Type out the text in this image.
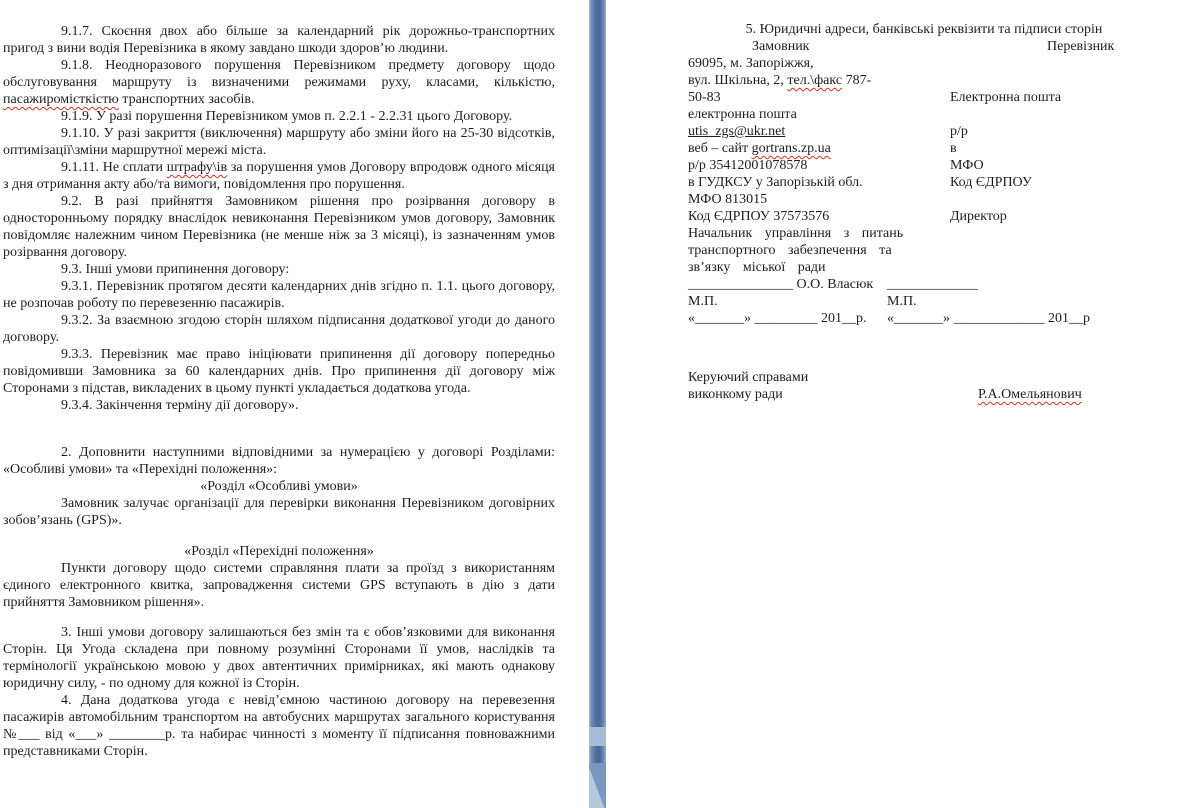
9.1.7. Скоєння двох або більше за календарний рік дорожньо-транспортних пригод з вини водія Перевізника в якому завдано шкоди здоров’ю людини.

9.1.8. Неодноразового порушення Перевізником предмету договору щодо обслуговування маршруту із визначеними режимами руху, класами, кількістю, пасажиромісткістю транспортних засобів.

9.1.9. У разі порушення Перевізником умов п. 2.2.1 - 2.2.31 цього Договору.

9.1.10. У разі закриття (виключення) маршруту або зміни його на 25-30 відсотків, оптимізації\зміни маршрутної мережі міста.

9.1.11. Не сплати штрафу\ів за порушення умов Договору впродовж одного місяця з дня отримання акту або/та вимоги, повідомлення про порушення.

9.2. В разі прийняття Замовником рішення про розірвання договору в односторонньому порядку внаслідок невиконання Перевізником умов договору, Замовник повідомляє належним чином Перевізника (не менше ніж за 3 місяці), із зазначенням умов розірвання договору.

9.3. Інші умови припинення договору:

9.3.1. Перевізник протягом десяти календарних днів згідно п. 1.1. цього договору, не розпочав роботу по перевезенню пасажирів.

9.3.2. За взаємною згодою сторін шляхом підписання додаткової угоди до даного договору.

9.3.3. Перевізник має право ініціювати припинення дії договору попередньо повідомивши Замовника за 60 календарних днів. Про припинення дії договору між Сторонами з підстав, викладених в цьому пункті укладається додаткова угода.

9.3.4. Закінчення терміну дії договору».

2. Доповнити наступними відповідними за нумерацією у договорі Розділами: «Особливі умови» та «Перехідні положення»:

«Розділ «Особливі умови»

Замовник залучає організації для перевірки виконання Перевізником договірних зобов’язань (GPS)».

«Розділ «Перехідні положення»

Пункти договору щодо системи справляння плати за проїзд з використанням єдиного електронного квитка, запровадження системи GPS вступають в дію з дати прийняття Замовником рішення».

3. Інші умови договору залишаються без змін та є обов’язковими для виконання Сторін. Ця Угода складена при повному розумінні Сторонами її умов, наслідків та термінології українською мовою у двох автентичних примірниках, які мають однакову юридичну силу, - по одному для кожної із Сторін.

4. Дана додаткова угода є невід’ємною частиною договору на перевезення пасажирів автомобільним транспортом на автобусних маршрутах загального користування №___ від «___» ________р. та набирає чинності з моменту її підписання повноважними представниками Сторін.

5. Юридичні адреси, банківські реквізити та підписи сторін

Замовник	Перевізник
69095, м. Запоріжжя,
вул. Шкільна, 2, тел.\факс 787-
50-83	Електронна пошта
електронна пошта
utis_zgs@ukr.net	р/р
веб – сайт gortrans.zp.ua	в
р/р 35412001078578	МФО
в ГУДКСУ у Запорізькій обл.	Код ЄДРПОУ
МФО 813015
Код ЄДРПОУ 37573576	Директор
Начальник управління з питань
транспортного забезпечення та
зв’язку міської ради
_______________ О.О. Власюк _____________
М.П.	М.П.
«_______» _________ 201__р.	«_______» _____________ 201__р
Керуючий справами
виконкому ради	Р.А.Омельянович
